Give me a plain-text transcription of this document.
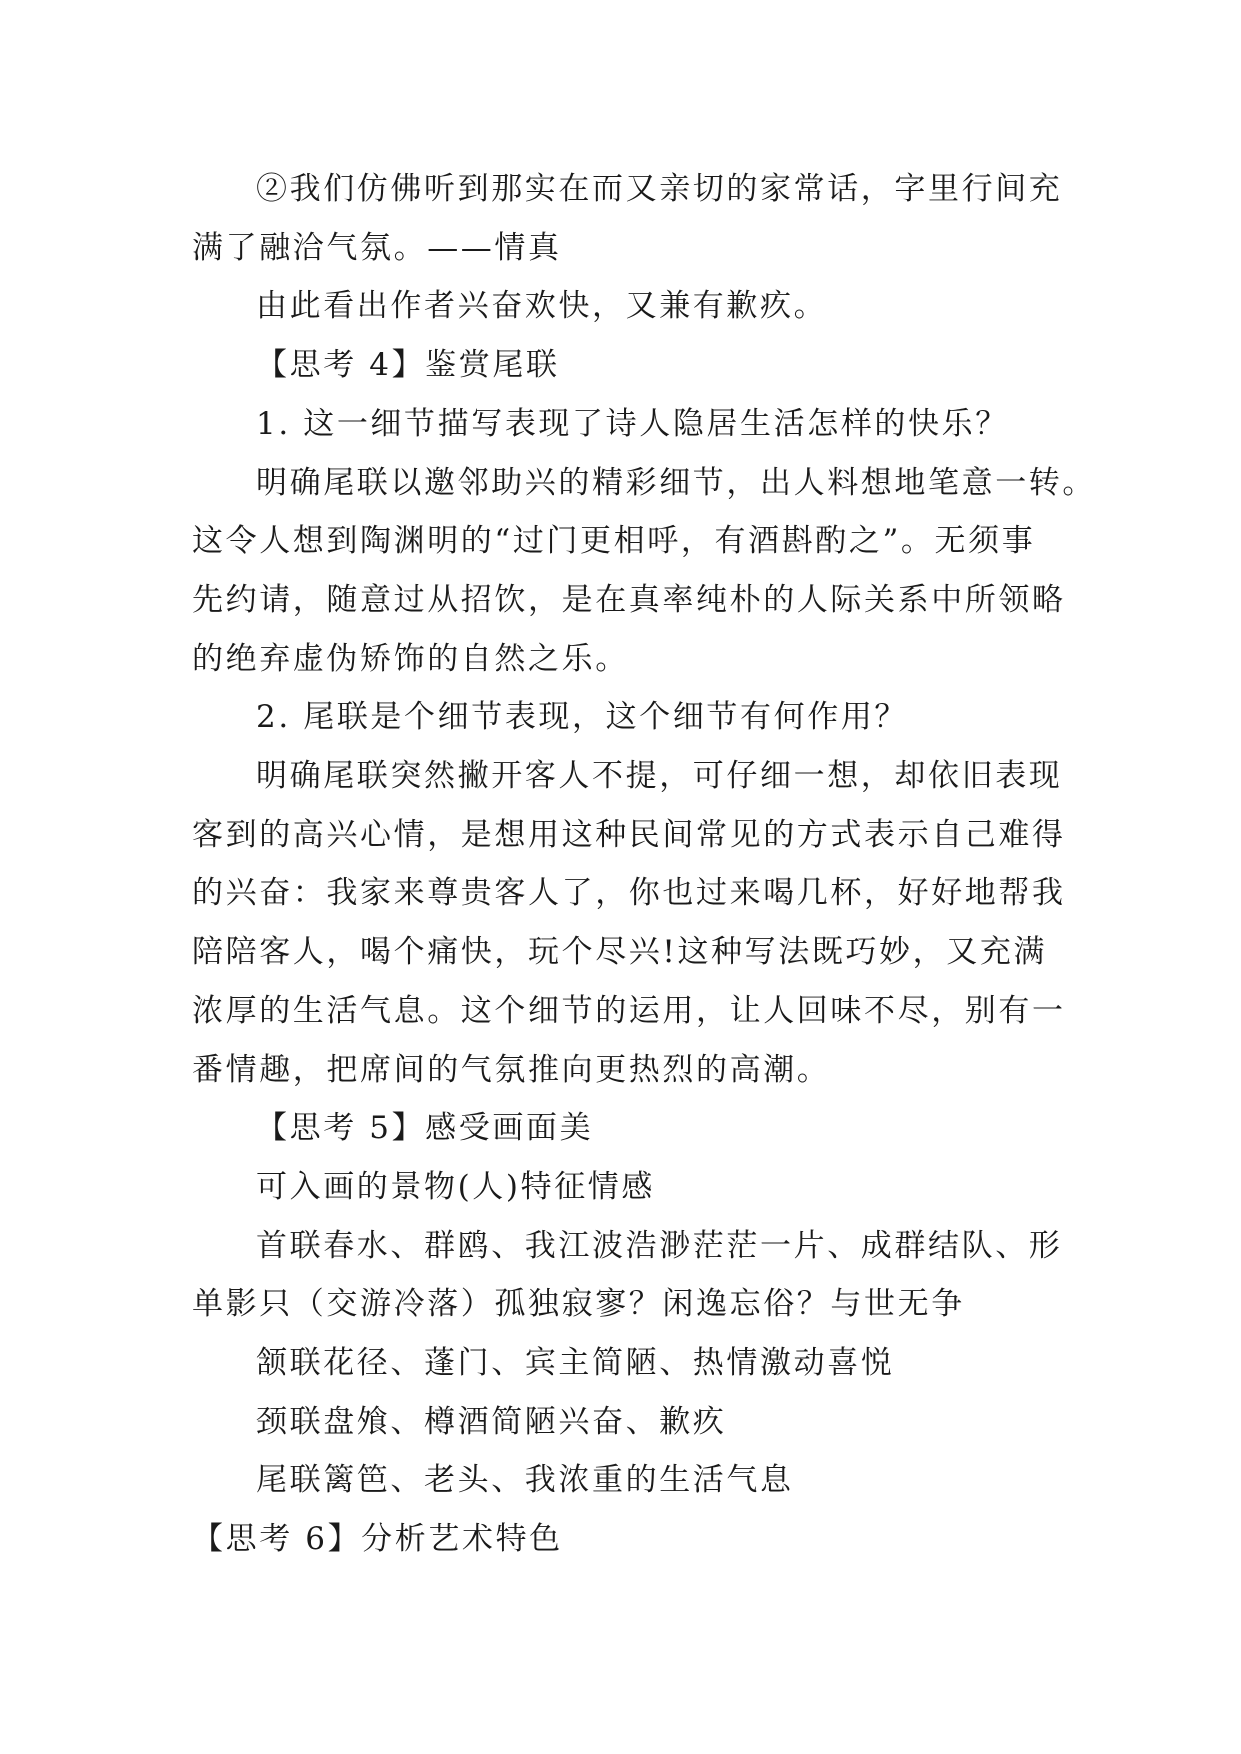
②我们仿佛听到那实在而又亲切的家常话，字里行间充

满了融洽气氛。——情真

由此看出作者兴奋欢快，又兼有歉疚。

【思考 4】鉴赏尾联

1. 这一细节描写表现了诗人隐居生活怎样的快乐？

明确尾联以邀邻助兴的精彩细节，出人料想地笔意一转。

这令人想到陶渊明的“过门更相呼，有酒斟酌之”。无须事

先约请，随意过从招饮，是在真率纯朴的人际关系中所领略

的绝弃虚伪矫饰的自然之乐。

2. 尾联是个细节表现，这个细节有何作用？

明确尾联突然撇开客人不提，可仔细一想，却依旧表现

客到的高兴心情，是想用这种民间常见的方式表示自己难得

的兴奋：我家来尊贵客人了，你也过来喝几杯，好好地帮我

陪陪客人，喝个痛快，玩个尽兴!这种写法既巧妙，又充满

浓厚的生活气息。这个细节的运用，让人回味不尽，别有一

番情趣，把席间的气氛推向更热烈的高潮。

【思考 5】感受画面美

可入画的景物(人)特征情感

首联春水、群鸥、我江波浩渺茫茫一片、成群结队、形

单影只（交游冷落）孤独寂寥？闲逸忘俗？与世无争

颔联花径、蓬门、宾主简陋、热情激动喜悦

颈联盘飧、樽酒简陋兴奋、歉疚

尾联篱笆、老头、我浓重的生活气息

【思考 6】分析艺术特色
